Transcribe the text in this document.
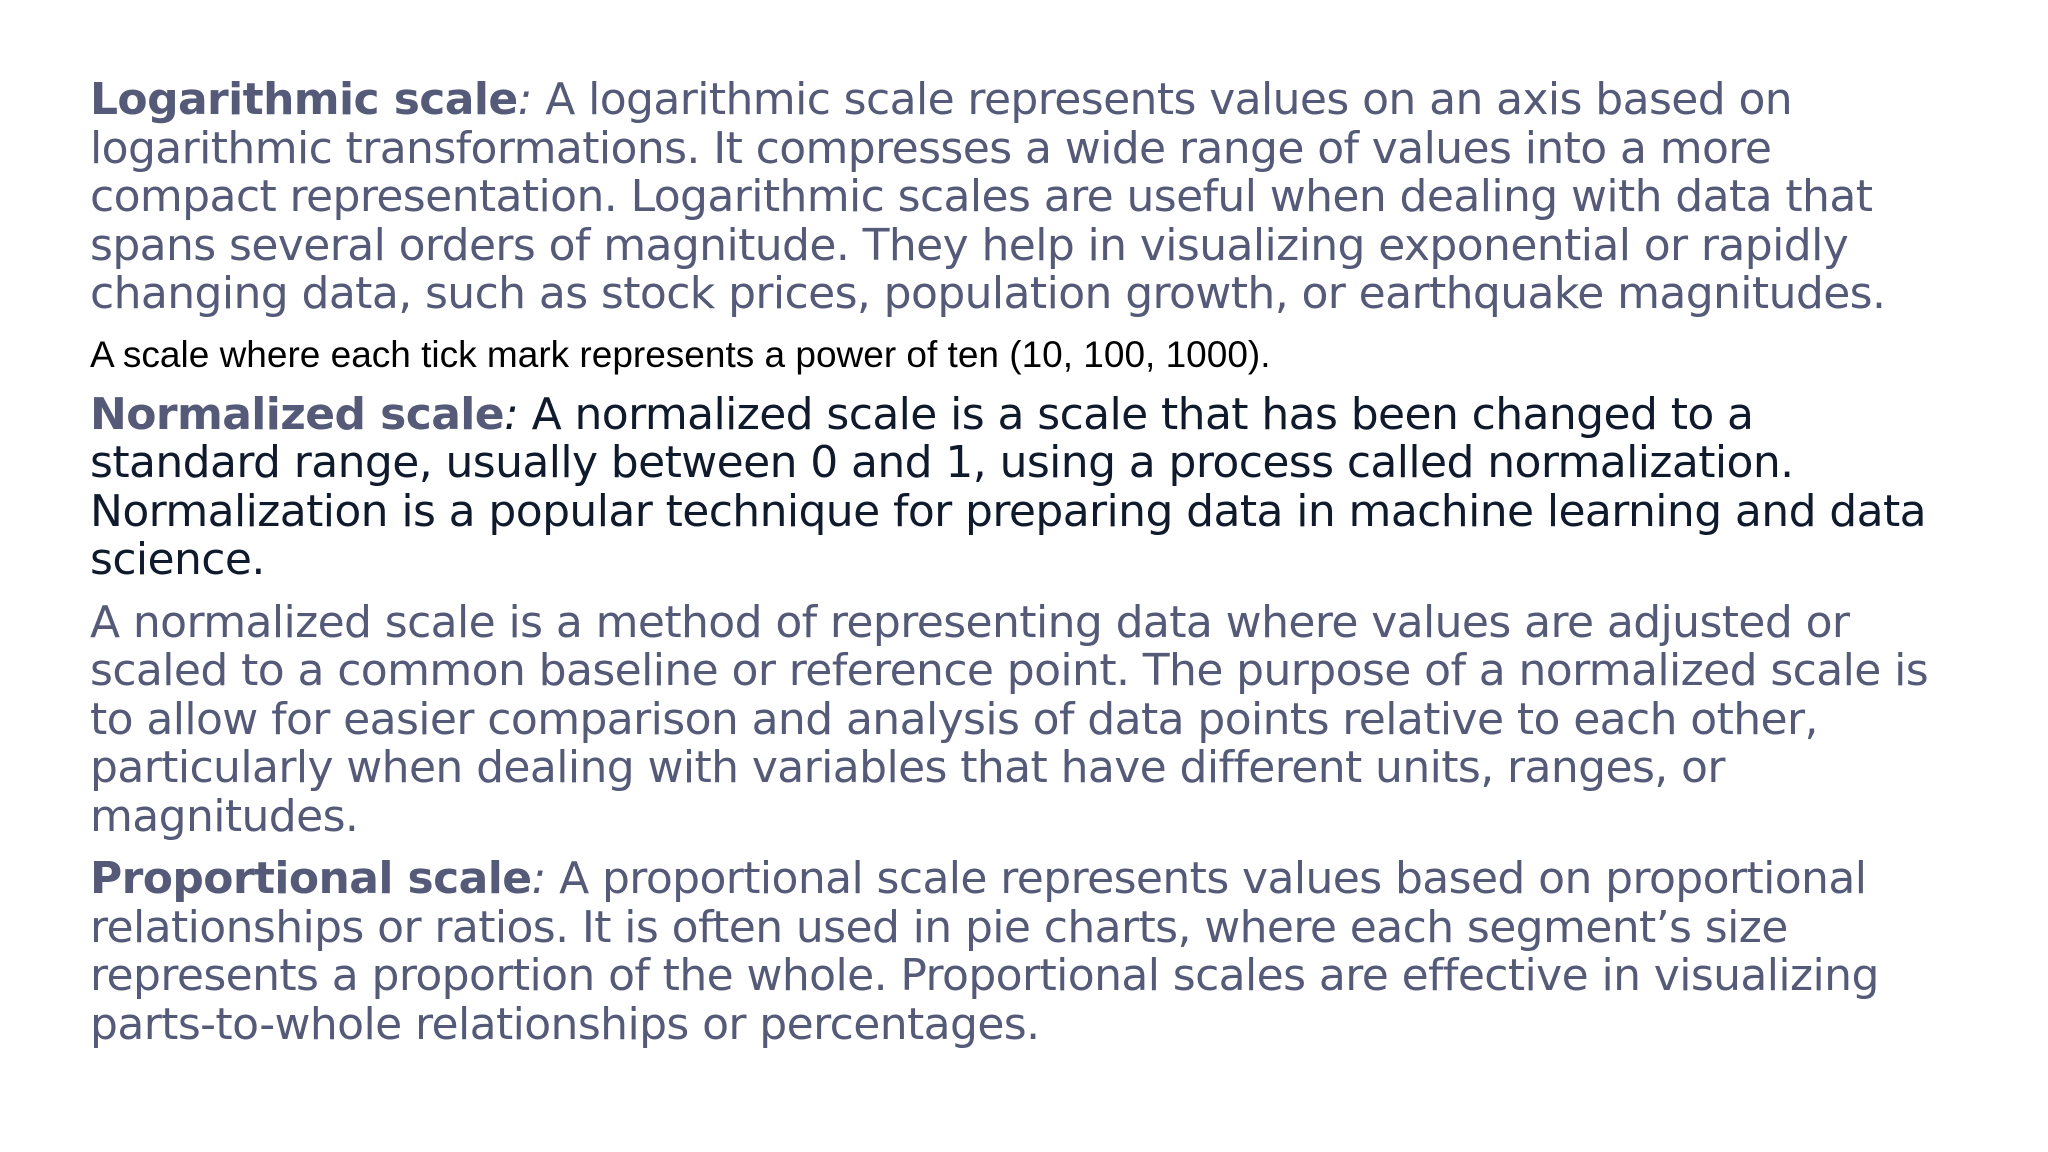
Logarithmic scale: A logarithmic scale represents values on an axis based on logarithmic transformations. It compresses a wide range of values into a more compact representation. Logarithmic scales are useful when dealing with data that spans several orders of magnitude. They help in visualizing exponential or rapidly changing data, such as stock prices, population growth, or earthquake magnitudes.

A scale where each tick mark represents a power of ten (10, 100, 1000).

Normalized scale: A normalized scale is a scale that has been changed to a standard range, usually between 0 and 1, using a process called normalization. Normalization is a popular technique for preparing data in machine learning and data science.

A normalized scale is a method of representing data where values are adjusted or scaled to a common baseline or reference point. The purpose of a normalized scale is to allow for easier comparison and analysis of data points relative to each other, particularly when dealing with variables that have different units, ranges, or magnitudes.

Proportional scale: A proportional scale represents values based on proportional relationships or ratios. It is often used in pie charts, where each segment’s size represents a proportion of the whole. Proportional scales are effective in visualizing parts-to-whole relationships or percentages.
